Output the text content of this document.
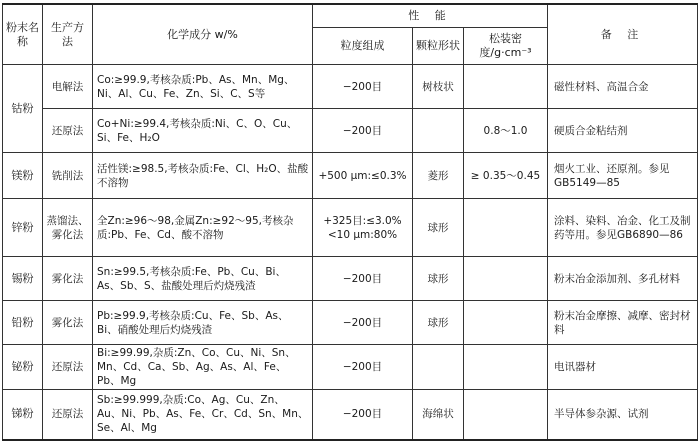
粉末名称	生产方法	化学成分 w/%	性 能			备 注
			粒度组成	颗粒形状	松装密度/g·cm⁻³	
钴粉	电解法	Co:≥99.9,考核杂质:Pb、As、Mn、Mg、Ni、Al、Cu、Fe、Zn、Si、C、S等	−200目	树枝状		磁性材料、高温合金
	还原法	Co+Ni:≥99.4,考核杂质:Ni、C、O、Cu、Si、Fe、H₂O	−200目		0.8～1.0	硬质合金粘结剂
镁粉	铣削法	活性镁:≥98.5,考核杂质:Fe、Cl、H₂O、盐酸不溶物	+500 μm:≤0.3%	菱形	≥ 0.35～0.45	烟火工业、还原剂。参见GB5149—85
锌粉	蒸馏法、雾化法	全Zn:≥96～98,金属Zn:≥92～95,考核杂质:Pb、Fe、Cd、酸不溶物	+325目:≤3.0% <10 μm:80%	球形		涂料、染料、冶金、化工及制药等用。参见GB6890—86
锡粉	雾化法	Sn:≥99.5,考核杂质:Fe、Pb、Cu、Bi、As、Sb、S、盐酸处理后灼烧残渣	−200目	球形		粉末冶金添加剂、多孔材料
铅粉	雾化法	Pb:≥99.9,考核杂质:Cu、Fe、Sb、As、Bi、硝酸处理后灼烧残渣	−200目	球形		粉末冶金摩擦、减摩、密封材料
铋粉	还原法	Bi:≥99.99,杂质:Zn、Co、Cu、Ni、Sn、Mn、Cd、Ca、Sb、Ag、As、Al、Fe、Pb、Mg	−200目			电讯器材
锑粉	还原法	Sb:≥99.999,杂质:Co、Ag、Cu、Zn、Au、Ni、Pb、As、Fe、Cr、Cd、Sn、Mn、Se、Al、Mg	−200目	海绵状		半导体参杂源、试剂
